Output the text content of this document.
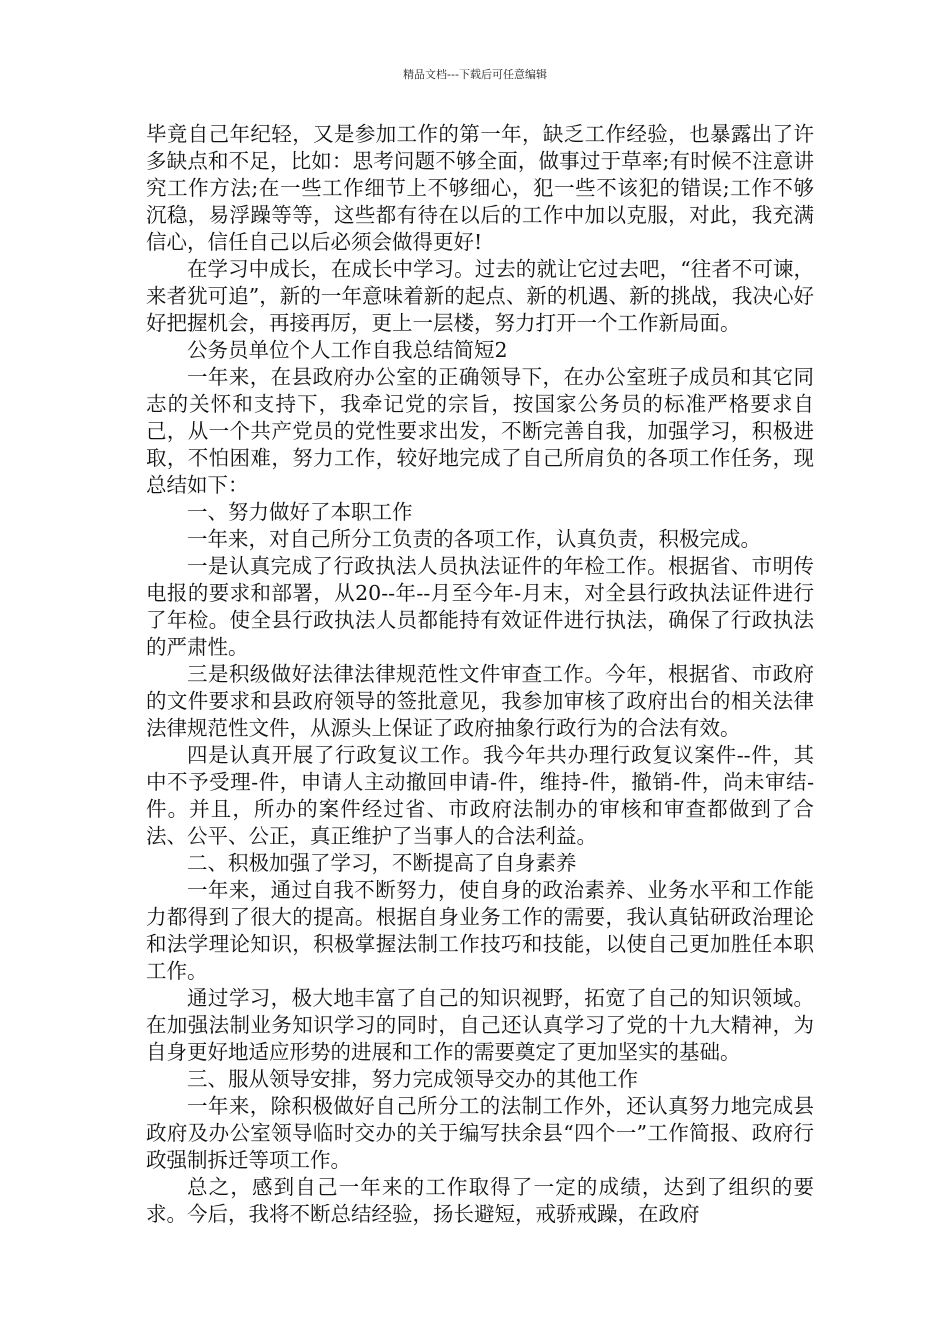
精品文档---下载后可任意编辑

毕竟自己年纪轻，又是参加工作的第一年，缺乏工作经验，也暴露出了许多缺点和不足，比如：思考问题不够全面，做事过于草率;有时候不注意讲究工作方法;在一些工作细节上不够细心，犯一些不该犯的错误;工作不够沉稳，易浮躁等等，这些都有待在以后的工作中加以克服，对此，我充满信心，信任自己以后必须会做得更好!

在学习中成长，在成长中学习。过去的就让它过去吧，“往者不可谏，来者犹可追”，新的一年意味着新的起点、新的机遇、新的挑战，我决心好好把握机会，再接再厉，更上一层楼，努力打开一个工作新局面。

公务员单位个人工作自我总结简短2

一年来，在县政府办公室的正确领导下，在办公室班子成员和其它同志的关怀和支持下，我牵记党的宗旨，按国家公务员的标准严格要求自己，从一个共产党员的党性要求出发，不断完善自我，加强学习，积极进取，不怕困难，努力工作，较好地完成了自己所肩负的各项工作任务，现总结如下：

一、努力做好了本职工作

一年来，对自己所分工负责的各项工作，认真负责，积极完成。

一是认真完成了行政执法人员执法证件的年检工作。根据省、市明传电报的要求和部署，从20--年--月至今年-月末，对全县行政执法证件进行了年检。使全县行政执法人员都能持有效证件进行执法，确保了行政执法的严肃性。

三是积级做好法律法律规范性文件审查工作。今年，根据省、市政府的文件要求和县政府领导的签批意见，我参加审核了政府出台的相关法律法律规范性文件，从源头上保证了政府抽象行政行为的合法有效。

四是认真开展了行政复议工作。我今年共办理行政复议案件--件，其中不予受理-件，申请人主动撤回申请-件，维持-件，撤销-件，尚未审结-件。并且，所办的案件经过省、市政府法制办的审核和审查都做到了合法、公平、公正，真正维护了当事人的合法利益。

二、积极加强了学习，不断提高了自身素养

一年来，通过自我不断努力，使自身的政治素养、业务水平和工作能力都得到了很大的提高。根据自身业务工作的需要，我认真钻研政治理论和法学理论知识，积极掌握法制工作技巧和技能，以使自己更加胜任本职工作。

通过学习，极大地丰富了自己的知识视野，拓宽了自己的知识领域。在加强法制业务知识学习的同时，自己还认真学习了党的十九大精神，为自身更好地适应形势的进展和工作的需要奠定了更加坚实的基础。

三、服从领导安排，努力完成领导交办的其他工作

一年来，除积极做好自己所分工的法制工作外，还认真努力地完成县政府及办公室领导临时交办的关于编写扶余县“四个一”工作简报、政府行政强制拆迁等项工作。

总之，感到自己一年来的工作取得了一定的成绩，达到了组织的要求。今后，我将不断总结经验，扬长避短，戒骄戒躁，在政府
